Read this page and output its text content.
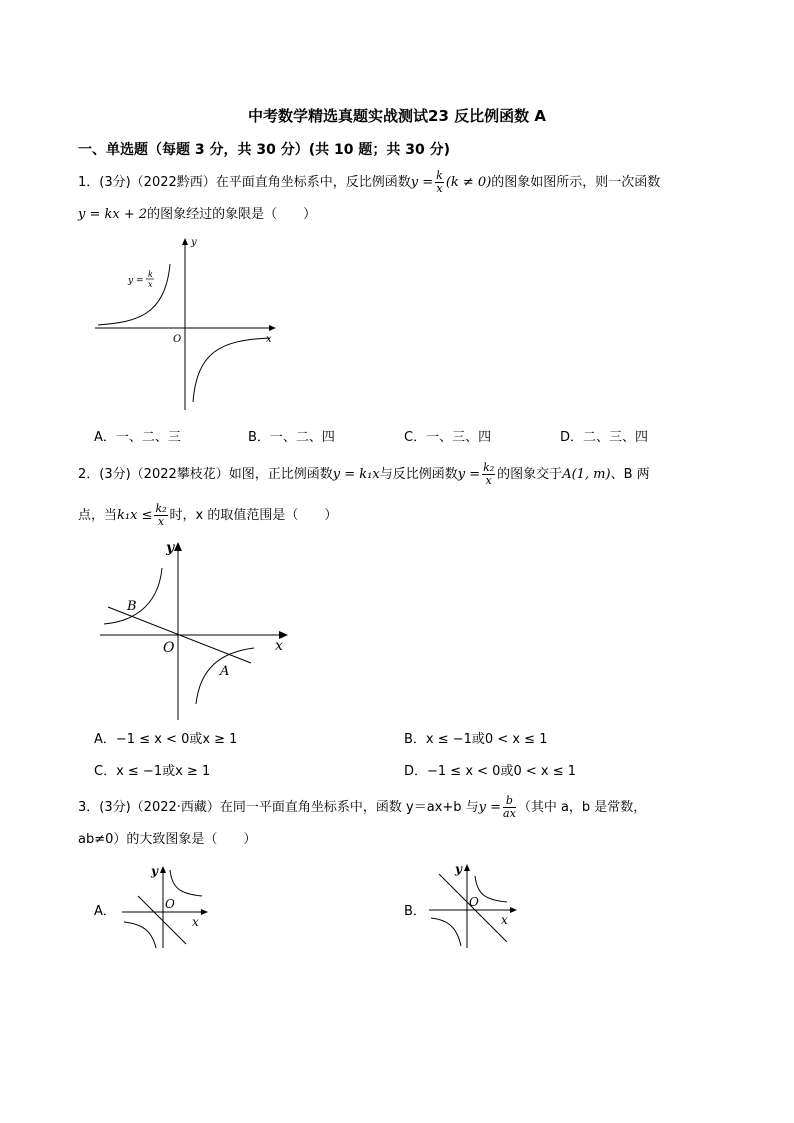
中考数学精选真题实战测试23 反比例函数 A
一、单选题（每题 3 分，共 30 分）(共 10 题；共 30 分)
1．(3分)（2022黔西）在平面直角坐标系中，反比例函数$y = \frac{k}{x} (k \ne 0)$的图象如图所示，则一次函数
y = kx + 2的图象经过的象限是（　　）
y
x
O
y =
k
x
A．一、二、三	B．一、二、四	C．一、三、四	D．二、三、四
2．(3分)（2022攀枝花）如图，正比例函数y = k₁x与反比例函数$y = \frac{\text{k₂}}{x}$ 的图象交于A(1, m)、B 两
点，当$k_1x \le \frac{\text{k₂}}{x}$ 时，x 的取值范围是（　　）
y
x
O
A
B
A．−1 ≤ x < 0或x ≥ 1	B．x ≤ −1或0 < x ≤ 1
C．x ≤ −1或x ≥ 1	D．−1 ≤ x < 0或0 < x ≤ 1
3．(3分)（2022·西藏）在同一平面直角坐标系中，函数 y＝ax+b 与$y = \frac{b}{ax}$ （其中 a，b 是常数，
ab≠0）的大致图象是（　　）
A．
y
x
O	B．
y
x
O
